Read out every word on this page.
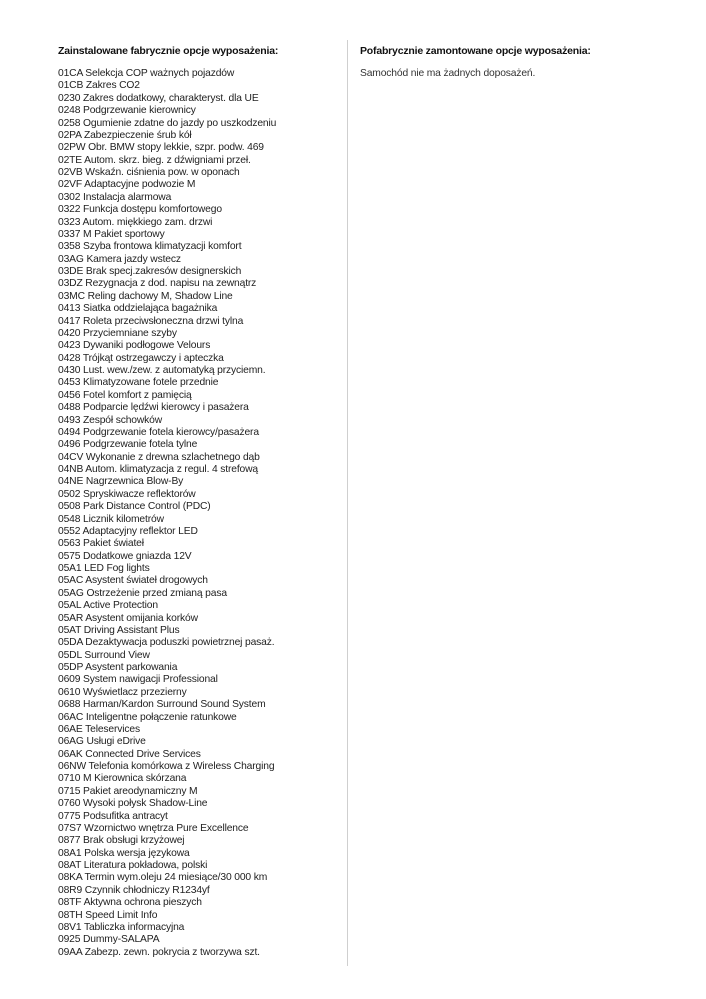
Zainstalowane fabrycznie opcje wyposażenia:
01CA Selekcja COP ważnych pojazdów
01CB Zakres CO2
0230 Zakres dodatkowy, charakteryst. dla UE
0248 Podgrzewanie kierownicy
0258 Ogumienie zdatne do jazdy po uszkodzeniu
02PA Zabezpieczenie śrub kół
02PW Obr. BMW stopy lekkie, szpr. podw. 469
02TE Autom. skrz. bieg. z dźwigniami przeł.
02VB Wskaźn. ciśnienia pow. w oponach
02VF Adaptacyjne podwozie M
0302 Instalacja alarmowa
0322 Funkcja dostępu komfortowego
0323 Autom. miękkiego zam. drzwi
0337 M Pakiet sportowy
0358 Szyba frontowa klimatyzacji komfort
03AG Kamera jazdy wstecz
03DE Brak specj.zakresów designerskich
03DZ Rezygnacja z dod. napisu na zewnątrz
03MC Reling dachowy M, Shadow Line
0413 Siatka oddzielająca bagażnika
0417 Roleta przeciwsłoneczna drzwi tylna
0420 Przyciemniane szyby
0423 Dywaniki podłogowe Velours
0428 Trójkąt ostrzegawczy i apteczka
0430 Lust. wew./zew. z automatyką przyciemn.
0453 Klimatyzowane fotele przednie
0456 Fotel komfort z pamięcią
0488 Podparcie lędźwi kierowcy i pasażera
0493 Zespół schowków
0494 Podgrzewanie fotela kierowcy/pasażera
0496 Podgrzewanie fotela tylne
04CV Wykonanie z drewna szlachetnego dąb
04NB Autom. klimatyzacja z regul. 4 strefową
04NE Nagrzewnica Blow-By
0502 Spryskiwacze reflektorów
0508 Park Distance Control (PDC)
0548 Licznik kilometrów
0552 Adaptacyjny reflektor LED
0563 Pakiet świateł
0575 Dodatkowe gniazda 12V
05A1 LED Fog lights
05AC Asystent świateł drogowych
05AG Ostrzeżenie przed zmianą pasa
05AL Active Protection
05AR Asystent omijania korków
05AT Driving Assistant Plus
05DA Dezaktywacja poduszki powietrznej pasaż.
05DL Surround View
05DP Asystent parkowania
0609 System nawigacji Professional
0610 Wyświetlacz przezierny
0688 Harman/Kardon Surround Sound System
06AC Inteligentne połączenie ratunkowe
06AE Teleservices
06AG Usługi eDrive
06AK Connected Drive Services
06NW Telefonia komórkowa z Wireless Charging
0710 M Kierownica skórzana
0715 Pakiet areodynamiczny M
0760 Wysoki połysk Shadow-Line
0775 Podsufitka antracyt
07S7 Wzornictwo wnętrza Pure Excellence
0877 Brak obsługi krzyżowej
08A1 Polska wersja językowa
08AT Literatura pokładowa, polski
08KA Termin wym.oleju 24 miesiące/30 000 km
08R9 Czynnik chłodniczy R1234yf
08TF Aktywna ochrona pieszych
08TH Speed Limit Info
08V1 Tabliczka informacyjna
0925 Dummy-SALAPA
09AA Zabezp. zewn. pokrycia z tworzywa szt.
Pofabrycznie zamontowane opcje wyposażenia:
Samochód nie ma żadnych doposażeń.
